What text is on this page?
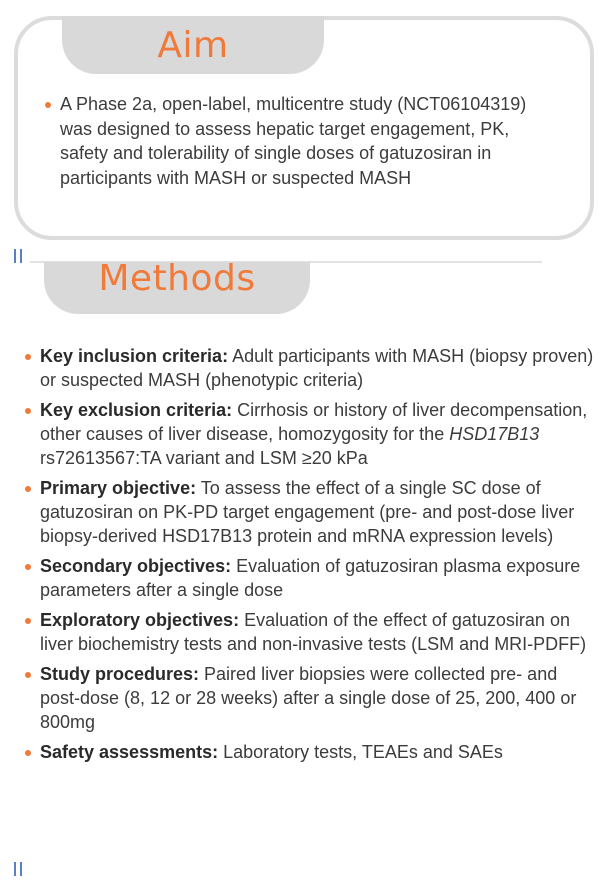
Aim
A Phase 2a, open-label, multicentre study (NCT06104319) was designed to assess hepatic target engagement, PK, safety and tolerability of single doses of gatuzosiran in participants with MASH or suspected MASH
Methods
Key inclusion criteria: Adult participants with MASH (biopsy proven) or suspected MASH (phenotypic criteria)
Key exclusion criteria: Cirrhosis or history of liver decompensation, other causes of liver disease, homozygosity for the HSD17B13 rs72613567:TA variant and LSM ≥20 kPa
Primary objective: To assess the effect of a single SC dose of gatuzosiran on PK-PD target engagement (pre- and post-dose liver biopsy-derived HSD17B13 protein and mRNA expression levels)
Secondary objectives: Evaluation of gatuzosiran plasma exposure parameters after a single dose
Exploratory objectives: Evaluation of the effect of gatuzosiran on liver biochemistry tests and non-invasive tests (LSM and MRI-PDFF)
Study procedures: Paired liver biopsies were collected pre- and post-dose (8, 12 or 28 weeks) after a single dose of 25, 200, 400 or 800mg
Safety assessments: Laboratory tests, TEAEs and SAEs
